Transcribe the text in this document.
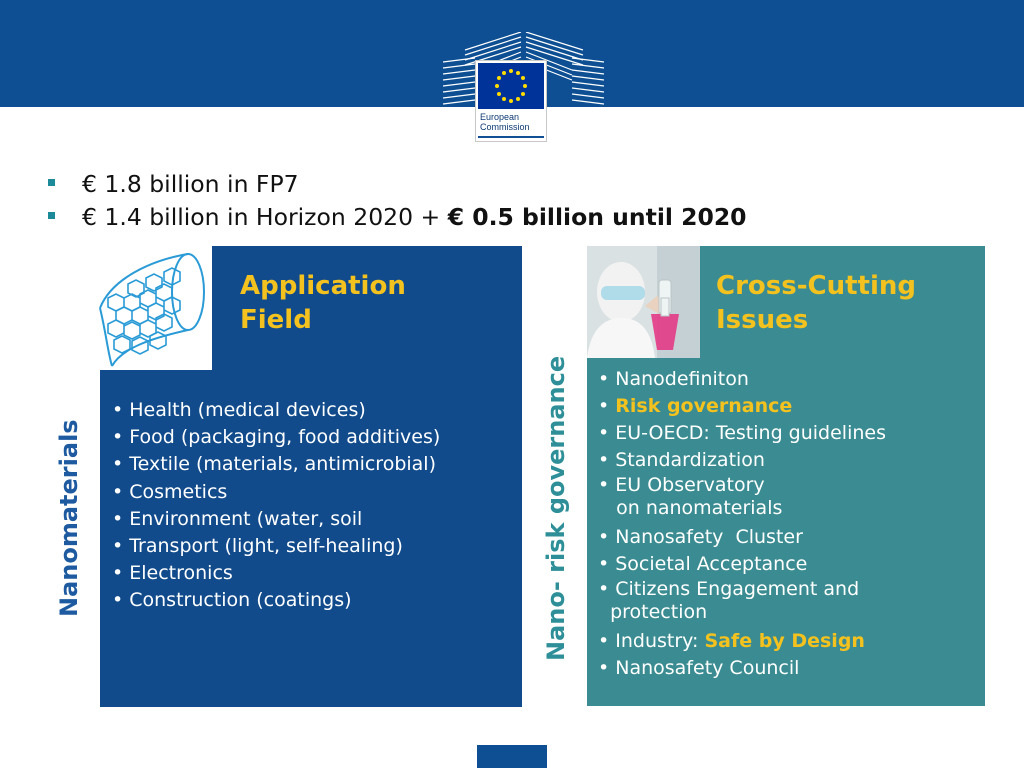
European
Commission
€ 1.8 billion in FP7
€ 1.4 billion in Horizon 2020 + € 0.5 billion until 2020
Nanomaterials
Application
Field
• Health (medical devices)
• Food (packaging, food additives)
• Textile (materials, antimicrobial)
• Cosmetics
• Environment (water, soil
• Transport (light, self-healing)
• Electronics
• Construction (coatings)	Nano- risk governance
Cross-Cutting
Issues
• Nanodefiniton
• Risk governance
• EU-OECD: Testing guidelines
• Standardization
• EU Observatory
on nanomaterials
• Nanosafety  Cluster
• Societal Acceptance
• Citizens Engagement and
protection
• Industry: Safe by Design
• Nanosafety Council
